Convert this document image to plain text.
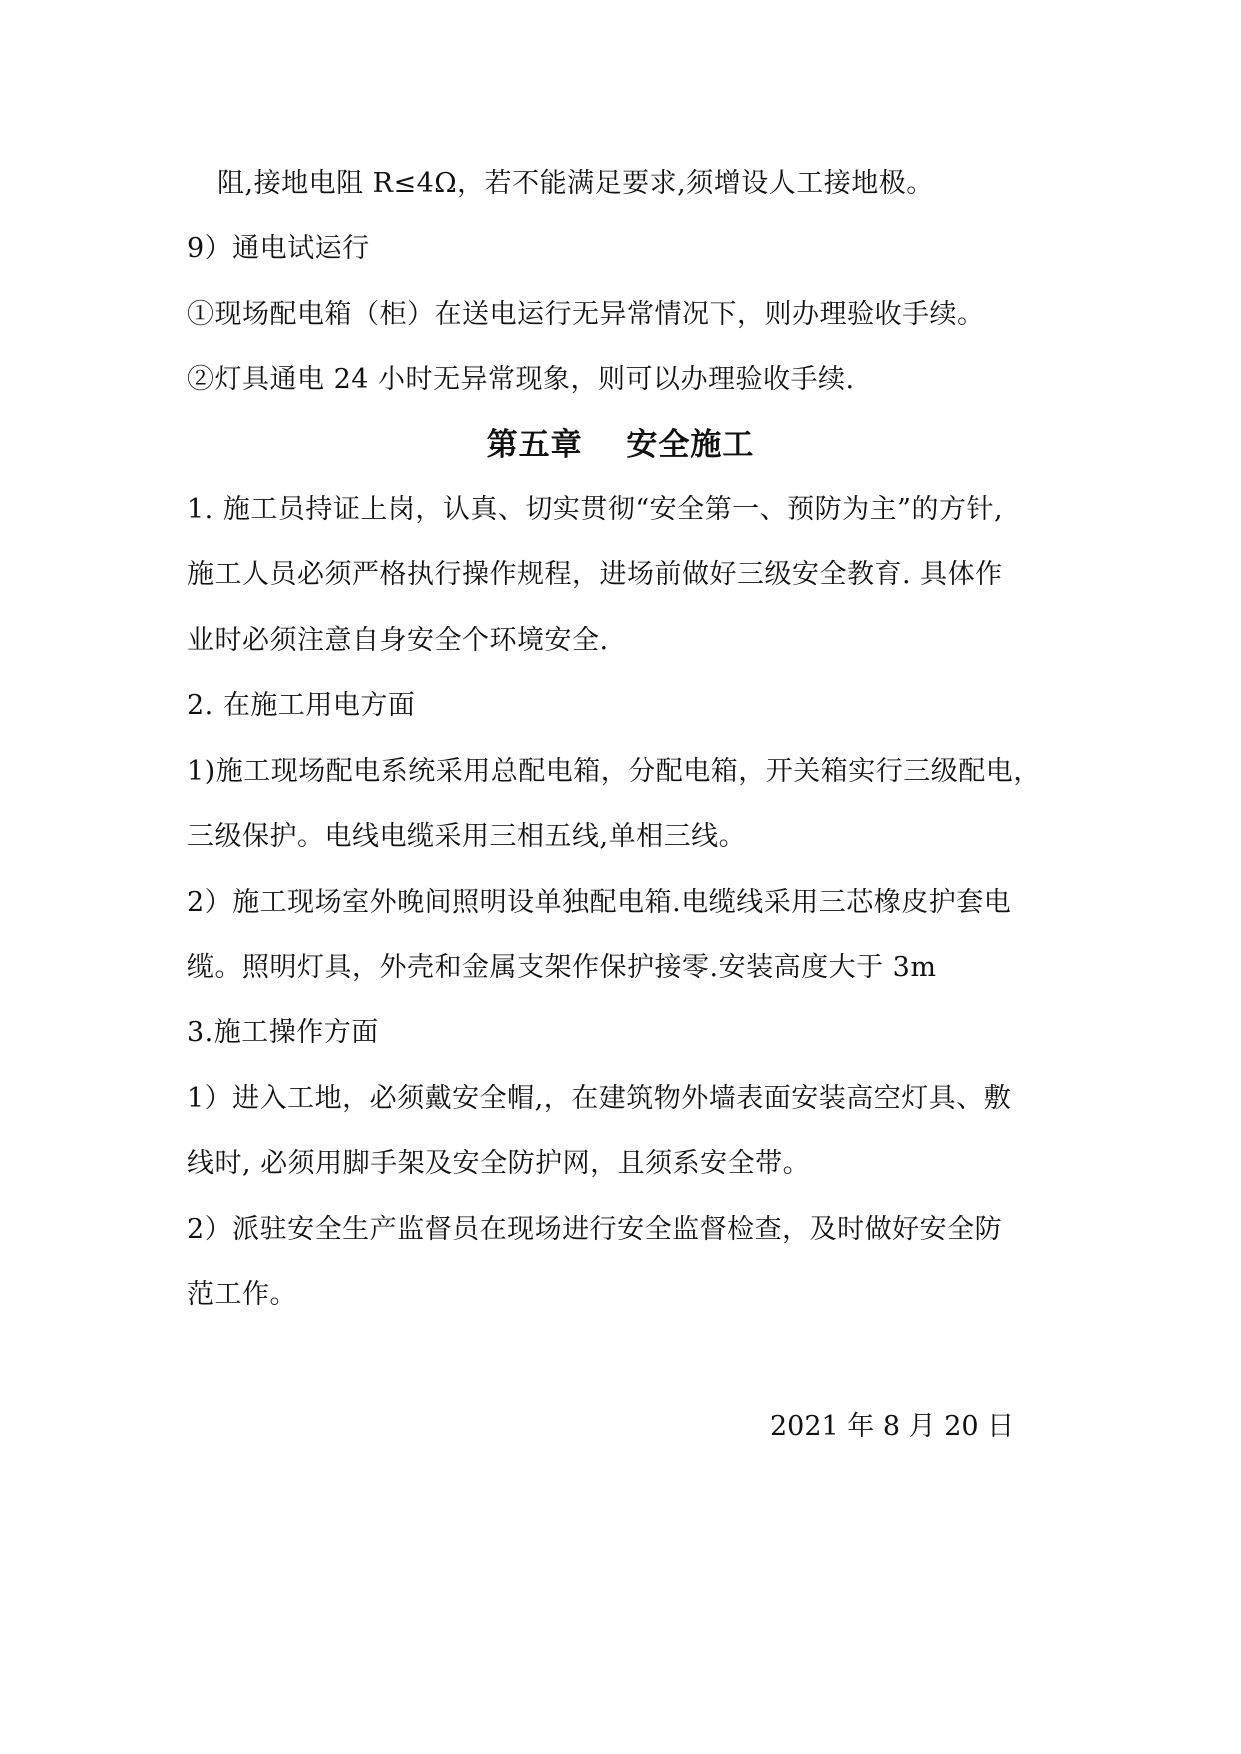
阻,接地电阻 R≤4Ω，若不能满足要求,须增设人工接地极。
9）通电试运行
①现场配电箱（柜）在送电运行无异常情况下，则办理验收手续。
②灯具通电 24 小时无异常现象，则可以办理验收手续.
第五章　 安全施工
1. 施工员持证上岗，认真、切实贯彻“安全第一、预防为主”的方针,
施工人员必须严格执行操作规程，进场前做好三级安全教育. 具体作
业时必须注意自身安全个环境安全.
2. 在施工用电方面
1)施工现场配电系统采用总配电箱，分配电箱，开关箱实行三级配电，
三级保护。电线电缆采用三相五线,单相三线。
2）施工现场室外晚间照明设单独配电箱.电缆线采用三芯橡皮护套电
缆。照明灯具，外壳和金属支架作保护接零.安装高度大于 3m
3.施工操作方面
1）进入工地，必须戴安全帽,，在建筑物外墙表面安装高空灯具、敷
线时, 必须用脚手架及安全防护网，且须系安全带。
2）派驻安全生产监督员在现场进行安全监督检查，及时做好安全防
范工作。
2021 年 8 月 20 日
